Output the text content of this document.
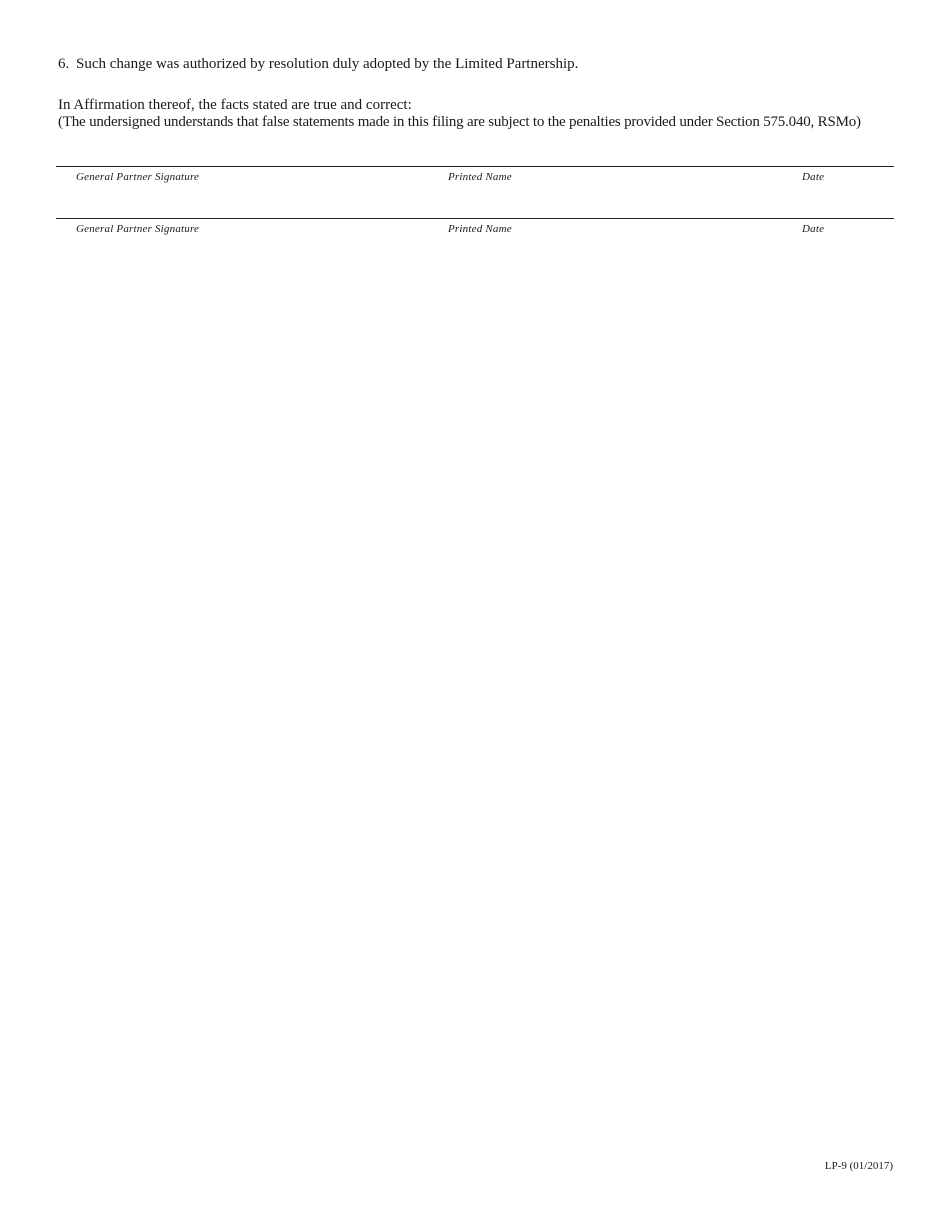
6. Such change was authorized by resolution duly adopted by the Limited Partnership.
In Affirmation thereof, the facts stated are true and correct:
(The undersigned understands that false statements made in this filing are subject to the penalties provided under Section 575.040, RSMo)
General Partner Signature	Printed Name	Date
General Partner Signature	Printed Name	Date
LP-9 (01/2017)
